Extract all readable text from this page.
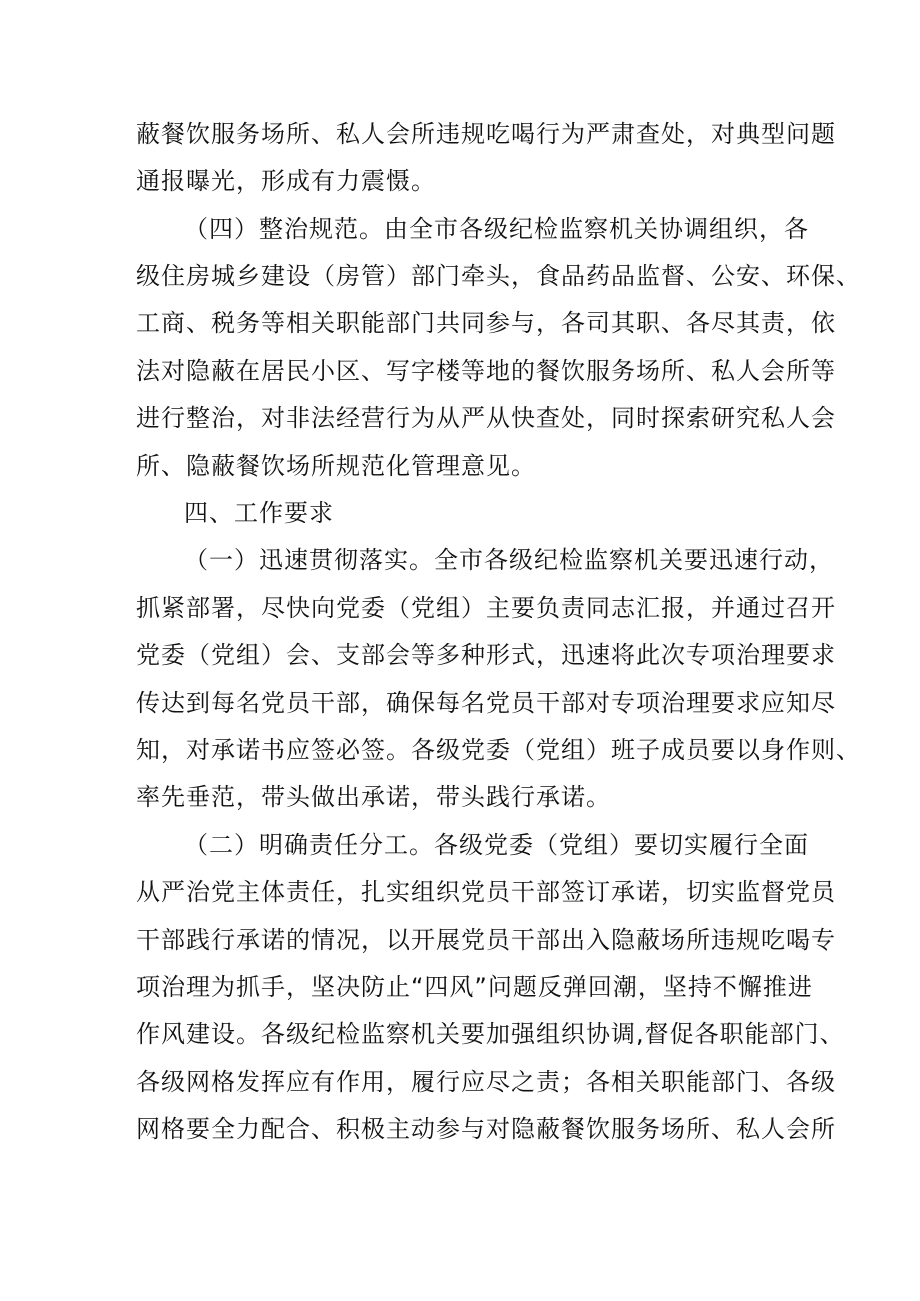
蔽餐饮服务场所、私人会所违规吃喝行为严肃查处，对典型问题
通报曝光，形成有力震慑。
（四）整治规范。由全市各级纪检监察机关协调组织，各
级住房城乡建设（房管）部门牵头，食品药品监督、公安、环保、
工商、税务等相关职能部门共同参与，各司其职、各尽其责，依
法对隐蔽在居民小区、写字楼等地的餐饮服务场所、私人会所等
进行整治，对非法经营行为从严从快查处，同时探索研究私人会
所、隐蔽餐饮场所规范化管理意见。
四、工作要求
（一）迅速贯彻落实。全市各级纪检监察机关要迅速行动，
抓紧部署，尽快向党委（党组）主要负责同志汇报，并通过召开
党委（党组）会、支部会等多种形式，迅速将此次专项治理要求
传达到每名党员干部，确保每名党员干部对专项治理要求应知尽
知，对承诺书应签必签。各级党委（党组）班子成员要以身作则、
率先垂范，带头做出承诺，带头践行承诺。
（二）明确责任分工。各级党委（党组）要切实履行全面
从严治党主体责任，扎实组织党员干部签订承诺，切实监督党员
干部践行承诺的情况，以开展党员干部出入隐蔽场所违规吃喝专
项治理为抓手，坚决防止“四风”问题反弹回潮，坚持不懈推进
作风建设。各级纪检监察机关要加强组织协调,督促各职能部门、
各级网格发挥应有作用，履行应尽之责；各相关职能部门、各级
网格要全力配合、积极主动参与对隐蔽餐饮服务场所、私人会所
